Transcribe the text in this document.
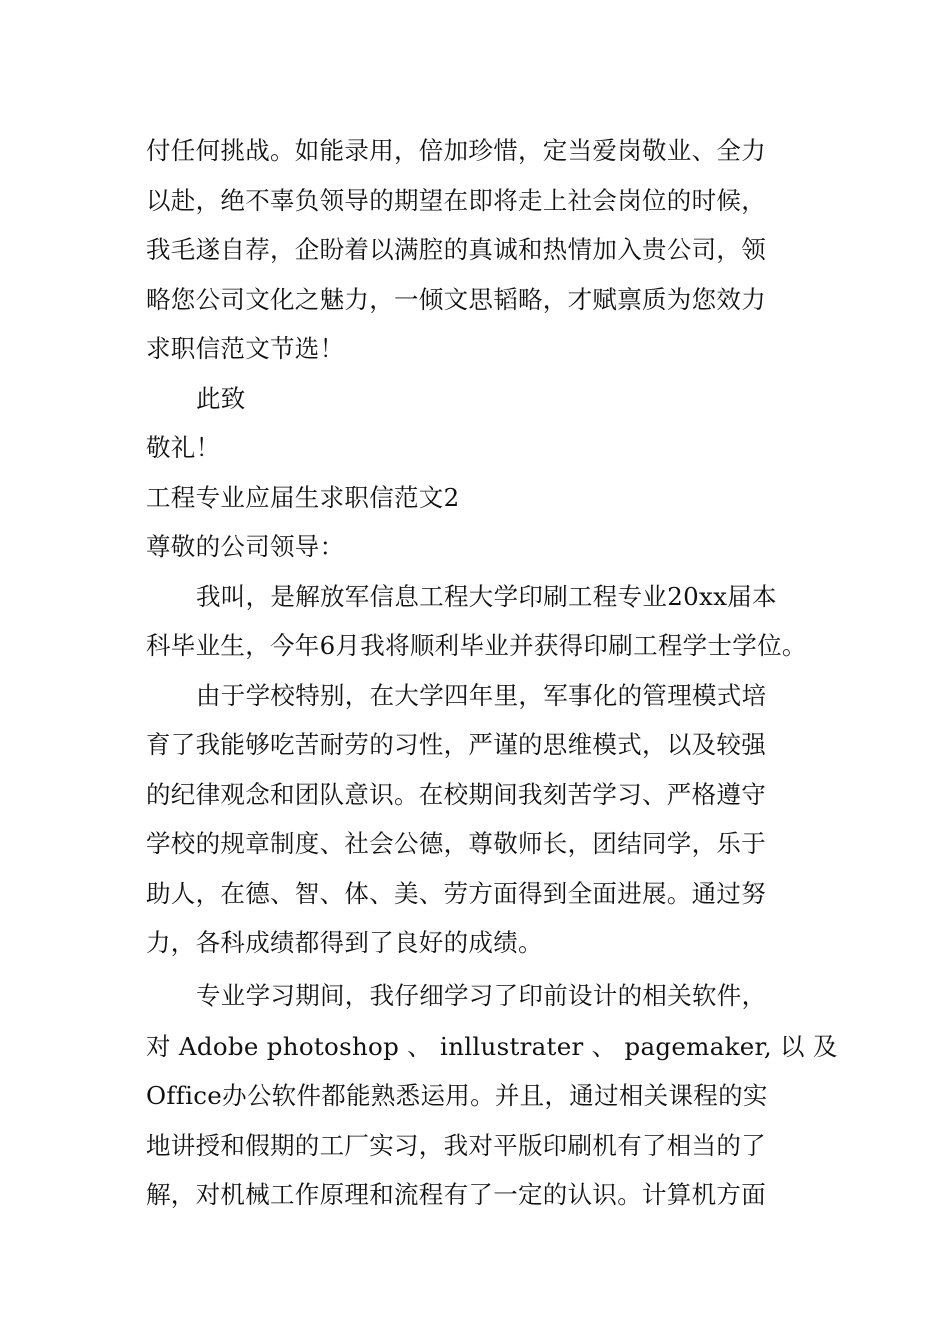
付任何挑战。如能录用，倍加珍惜，定当爱岗敬业、全力
以赴，绝不辜负领导的期望在即将走上社会岗位的时候，
我毛遂自荐，企盼着以满腔的真诚和热情加入贵公司，领
略您公司文化之魅力，一倾文思韬略，才赋禀质为您效力
求职信范文节选！
此致
敬礼！
工程专业应届生求职信范文2
尊敬的公司领导：
我叫，是解放军信息工程大学印刷工程专业20xx届本
科毕业生，今年6月我将顺利毕业并获得印刷工程学士学位。
由于学校特别，在大学四年里，军事化的管理模式培
育了我能够吃苦耐劳的习性，严谨的思维模式，以及较强
的纪律观念和团队意识。在校期间我刻苦学习、严格遵守
学校的规章制度、社会公德，尊敬师长，团结同学，乐于
助人，在德、智、体、美、劳方面得到全面进展。通过努
力，各科成绩都得到了良好的成绩。
专业学习期间，我仔细学习了印前设计的相关软件，
对 Adobe photoshop 、 inllustrater 、 pagemaker, 以 及
Office办公软件都能熟悉运用。并且，通过相关课程的实
地讲授和假期的工厂实习，我对平版印刷机有了相当的了
解，对机械工作原理和流程有了一定的认识。计算机方面
